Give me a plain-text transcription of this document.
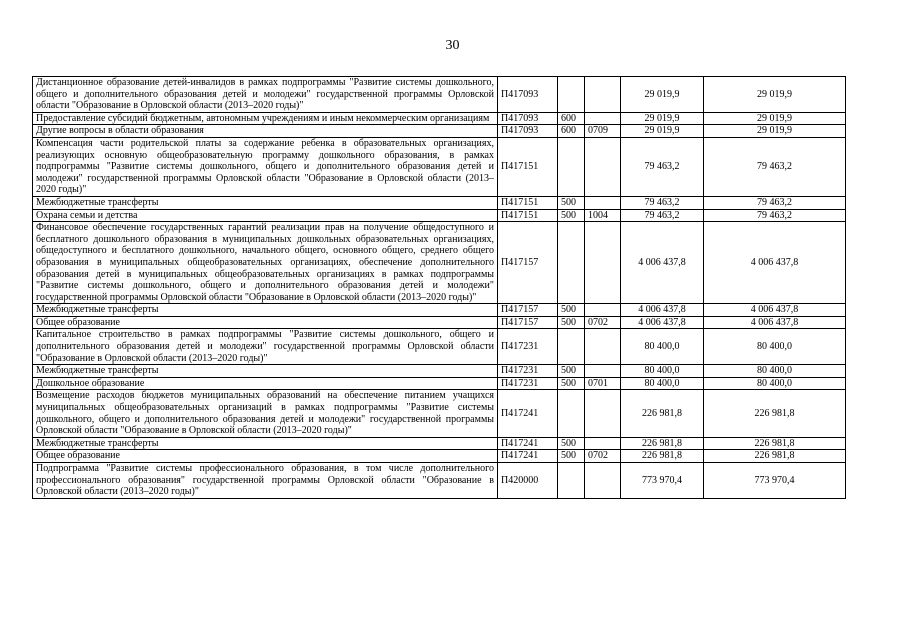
30
Дистанционное образование детей-инвалидов в рамках подпрограммы "Развитие системы дошкольного, общего и дополнительного образования детей и молодежи" государственной программы Орловской области "Образование в Орловской области (2013–2020 годы)"	П417093			29 019,9	29 019,9
Предоставление субсидий бюджетным, автономным учреждениям и иным некоммерческим организациям	П417093	600		29 019,9	29 019,9
Другие вопросы в области образования	П417093	600	0709	29 019,9	29 019,9
Компенсация части родительской платы за содержание ребенка в образовательных организациях, реализующих основную общеобразовательную программу дошкольного образования, в рамках подпрограммы "Развитие системы дошкольного, общего и дополнительного образования детей и молодежи" государственной программы Орловской области "Образование в Орловской области (2013–2020 годы)"	П417151			79 463,2	79 463,2
Межбюджетные трансферты	П417151	500		79 463,2	79 463,2
Охрана семьи и детства	П417151	500	1004	79 463,2	79 463,2
Финансовое обеспечение государственных гарантий реализации прав на получение общедоступного и бесплатного дошкольного образования в муниципальных дошкольных образовательных организациях, общедоступного и бесплатного дошкольного, начального общего, основного общего, среднего общего образования в муниципальных общеобразовательных организациях, обеспечение дополнительного образования детей в муниципальных общеобразовательных организациях в рамках подпрограммы "Развитие системы дошкольного, общего и дополнительного образования детей и молодежи" государственной программы Орловской области "Образование в Орловской области (2013–2020 годы)"	П417157			4 006 437,8	4 006 437,8
Межбюджетные трансферты	П417157	500		4 006 437,8	4 006 437,8
Общее образование	П417157	500	0702	4 006 437,8	4 006 437,8
Капитальное строительство в рамках подпрограммы "Развитие системы дошкольного, общего и дополнительного образования детей и молодежи" государственной программы Орловской области "Образование в Орловской области (2013–2020 годы)"	П417231			80 400,0	80 400,0
Межбюджетные трансферты	П417231	500		80 400,0	80 400,0
Дошкольное образование	П417231	500	0701	80 400,0	80 400,0
Возмещение расходов бюджетов муниципальных образований на обеспечение питанием учащихся муниципальных общеобразовательных организаций в рамках подпрограммы "Развитие системы дошкольного, общего и дополнительного образования детей и молодежи" государственной программы Орловской области "Образование в Орловской области (2013–2020 годы)"	П417241			226 981,8	226 981,8
Межбюджетные трансферты	П417241	500		226 981,8	226 981,8
Общее образование	П417241	500	0702	226 981,8	226 981,8
Подпрограмма "Развитие системы профессионального образования, в том числе дополнительного профессионального образования" государственной программы Орловской области "Образование в Орловской области (2013–2020 годы)"	П420000			773 970,4	773 970,4
